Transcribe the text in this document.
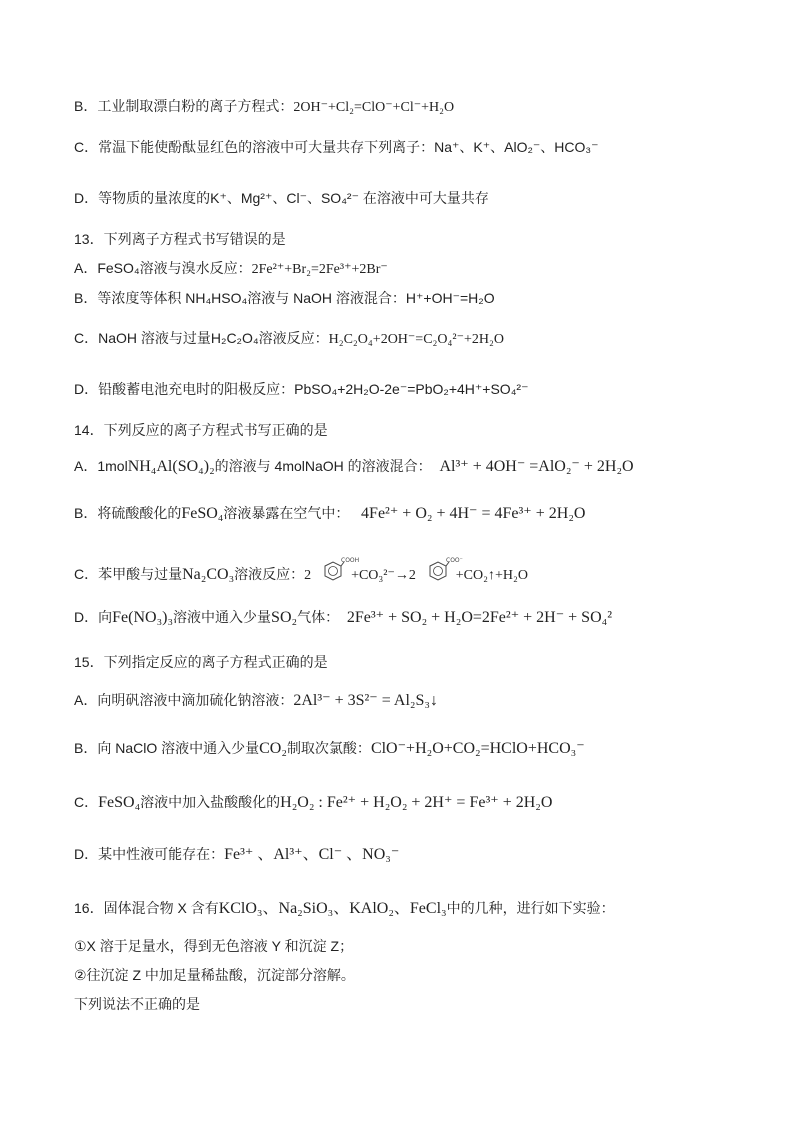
B．工业制取漂白粉的离子方程式：2OH⁻+Cl₂=ClO⁻+Cl⁻+H₂O
C．常温下能使酚酞显红色的溶液中可大量共存下列离子：Na⁺、K⁺、AlO₂⁻、HCO₃⁻
D．等物质的量浓度的K⁺、Mg²⁺、Cl⁻、SO₄²⁻ 在溶液中可大量共存
13．下列离子方程式书写错误的是
A．FeSO₄溶液与溴水反应：2Fe²⁺+Br₂=2Fe³⁺+2Br⁻
B．等浓度等体积 NH₄HSO₄溶液与 NaOH 溶液混合：H⁺+OH⁻=H₂O
C．NaOH 溶液与过量H₂C₂O₄溶液反应：H₂C₂O₄+2OH⁻=C₂O₄²⁻+2H₂O
D．铅酸蓄电池充电时的阳极反应：PbSO₄+2H₂O-2e⁻=PbO₂+4H⁺+SO₄²⁻
14．下列反应的离子方程式书写正确的是
A．1molNH₄Al(SO₄)₂的溶液与 4molNaOH 的溶液混合： Al³⁺ + 4OH⁻ =AlO₂⁻ + 2H₂O
B．将硫酸酸化的FeSO₄溶液暴露在空气中： 4Fe²⁺ + O₂ + 4H⁻ = 4Fe³⁺ + 2H₂O
C．苯甲酸与过量Na₂CO₃溶液反应：2
COOH
+CO₃²⁻→2
COO⁻
+CO₂↑+H₂O
D．向Fe(NO₃)₃溶液中通入少量SO₂气体： 2Fe³⁺ + SO₂ + H₂O=2Fe²⁺ + 2H⁻ + SO₄²
15．下列指定反应的离子方程式正确的是
A．向明矾溶液中滴加硫化钠溶液：2Al³⁻ + 3S²⁻ = Al₂S₃↓
B．向 NaClO 溶液中通入少量CO₂制取次氯酸：ClO⁻+H₂O+CO₂=HClO+HCO₃⁻
C．FeSO₄溶液中加入盐酸酸化的H₂O₂ : Fe²⁺ + H₂O₂ + 2H⁺ = Fe³⁺ + 2H₂O
D．某中性液可能存在：Fe³⁺ 、Al³⁺、Cl⁻ 、NO₃⁻
16．固体混合物 X 含有KClO₃、Na₂SiO₃、KAlO₂、FeCl₃中的几种，进行如下实验：
①X 溶于足量水，得到无色溶液 Y 和沉淀 Z；
②往沉淀 Z 中加足量稀盐酸，沉淀部分溶解。
下列说法不正确的是
